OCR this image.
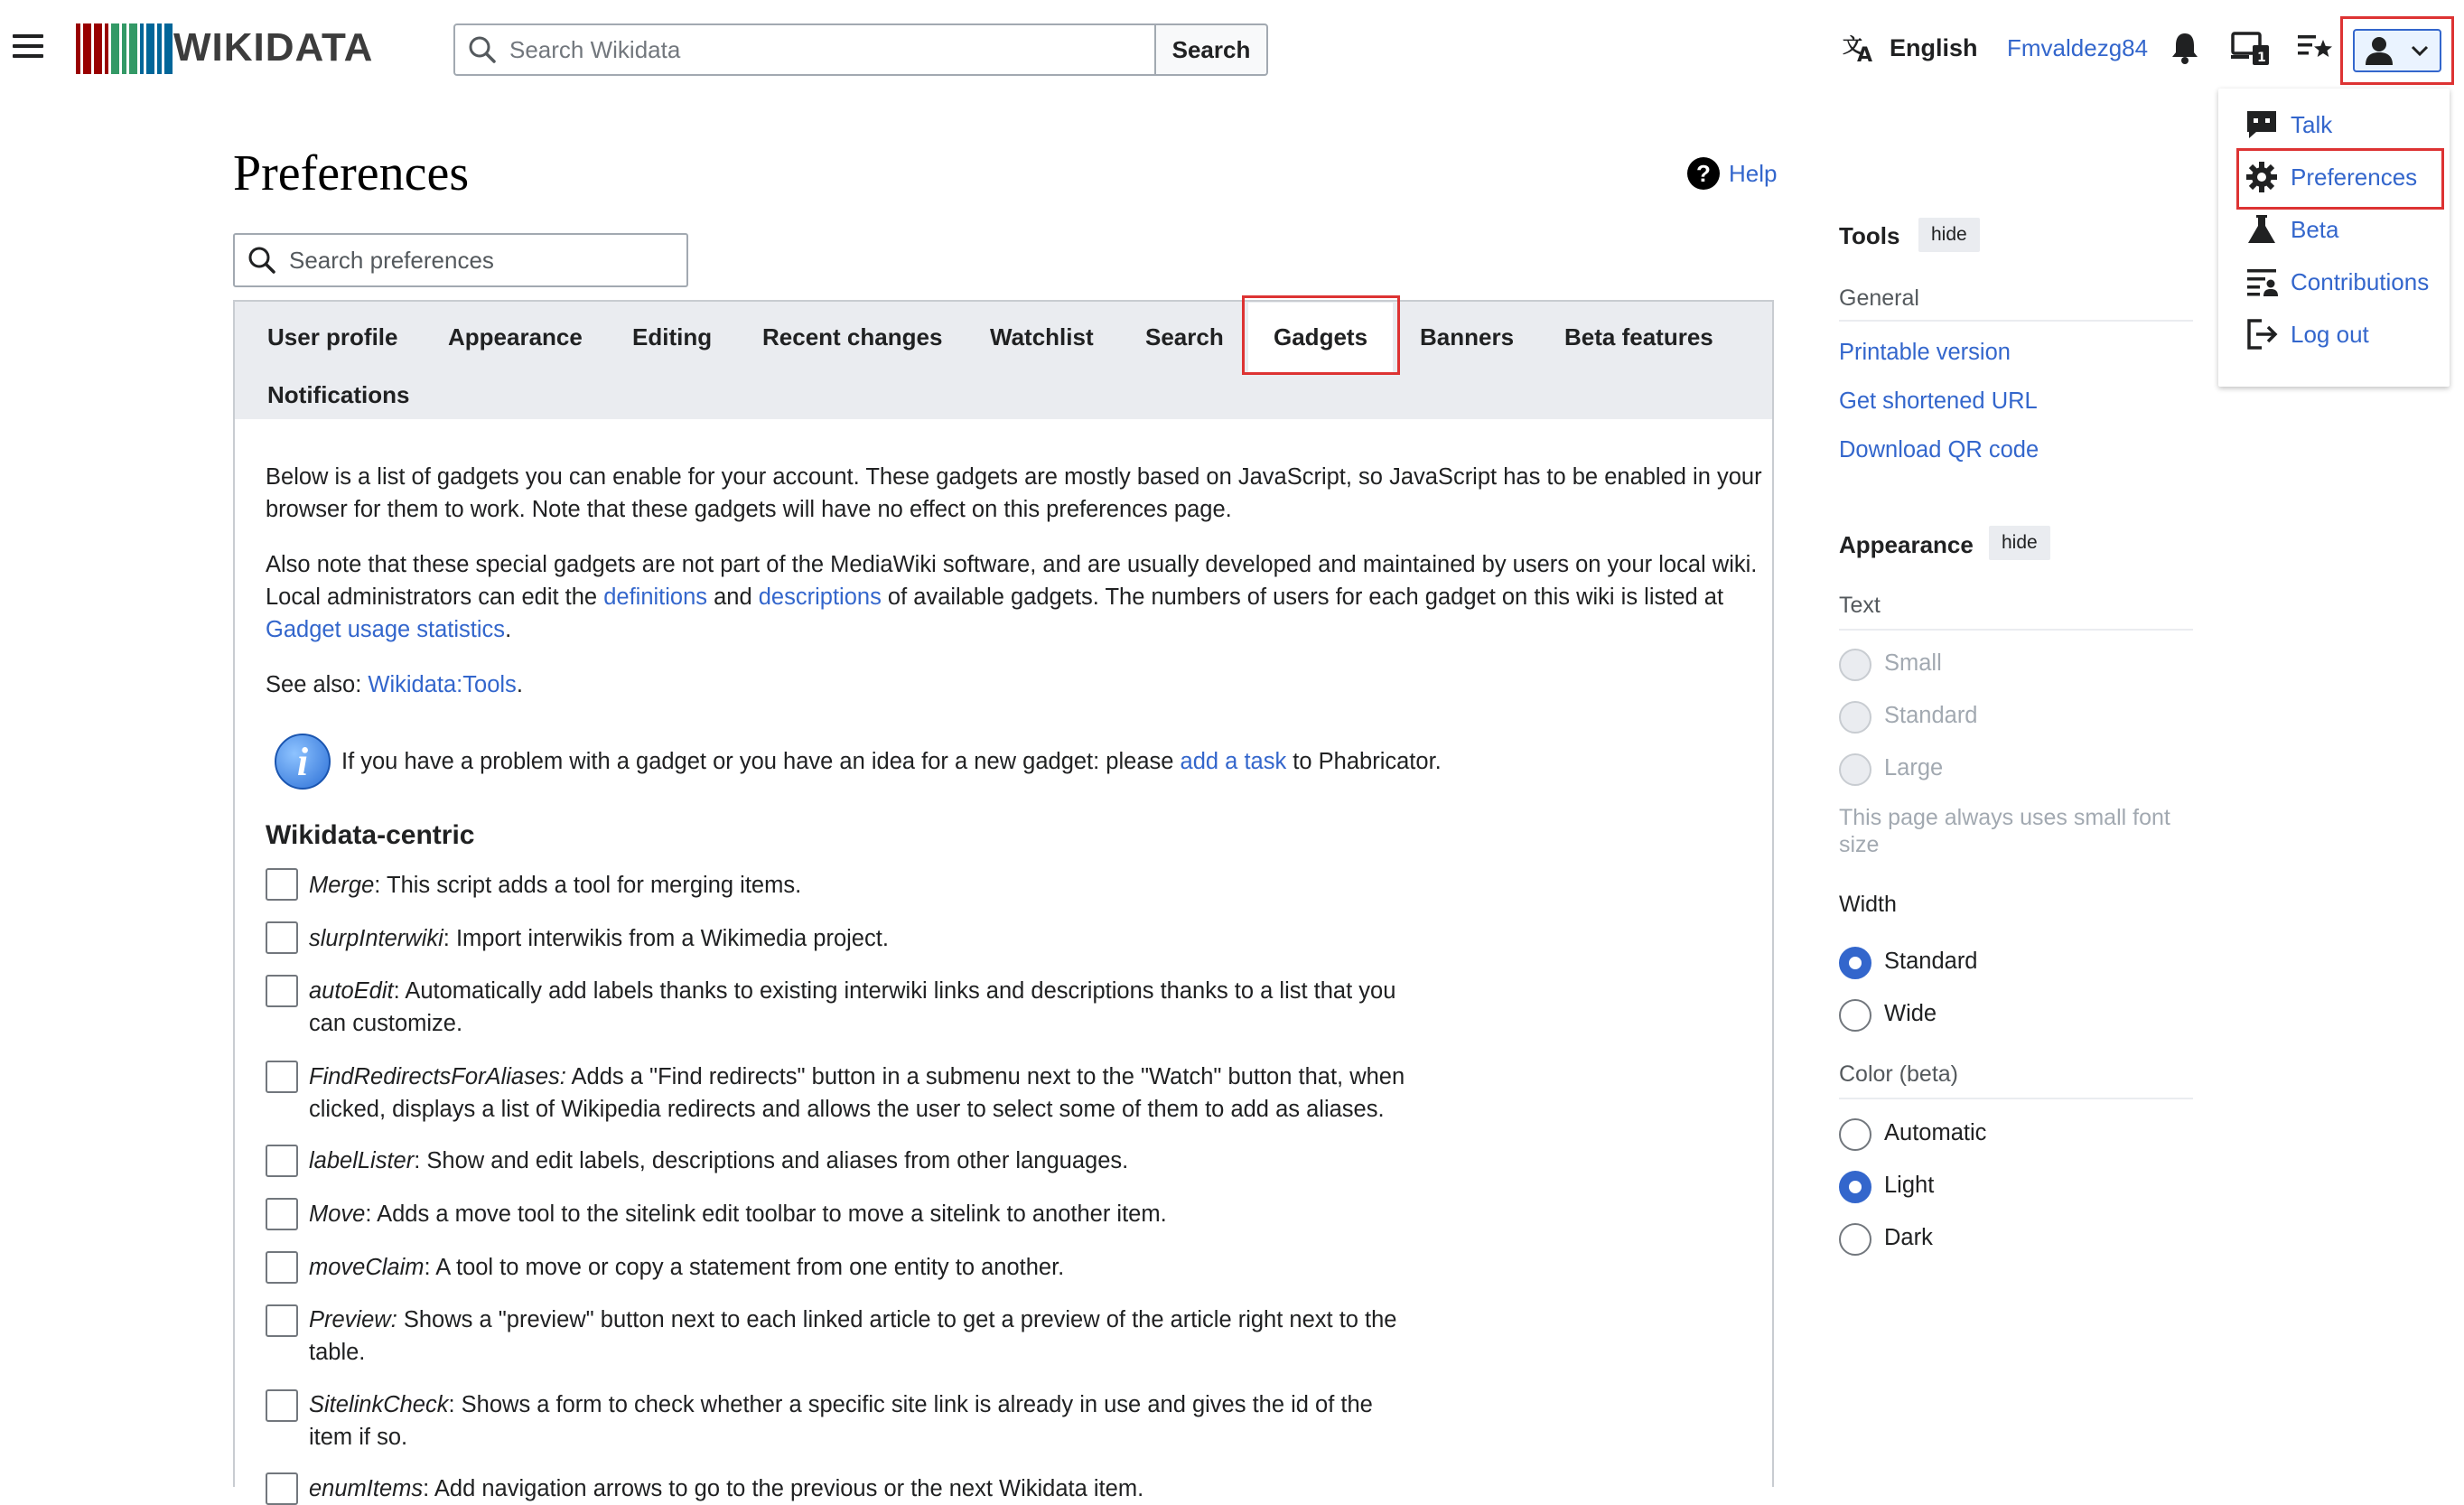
WIKIDATA
Search Wikidata	Search	文
A English Fmvaldezg84	1
Talk
Preferences
Beta
Contributions
Log out
Preferences	? Help
Search preferences
User profile Appearance Editing Recent changes Watchlist Search Gadgets Banners Beta features
Notifications
Below is a list of gadgets you can enable for your account. These gadgets are mostly based on JavaScript, so JavaScript has to be enabled in your browser for them to work. Note that these gadgets will have no effect on this preferences page.
Also note that these special gadgets are not part of the MediaWiki software, and are usually developed and maintained by users on your local wiki. Local administrators can edit the definitions and descriptions of available gadgets. The numbers of users for each gadget on this wiki is listed at Gadget usage statistics.
See also: Wikidata:Tools.
i	If you have a problem with a gadget or you have an idea for a new gadget: please add a task to Phabricator.
Wikidata-centric
Merge: This script adds a tool for merging items.
slurpInterwiki: Import interwikis from a Wikimedia project.
autoEdit: Automatically add labels thanks to existing interwiki links and descriptions thanks to a list that you can customize.
FindRedirectsForAliases: Adds a "Find redirects" button in a submenu next to the "Watch" button that, when clicked, displays a list of Wikipedia redirects and allows the user to select some of them to add as aliases.
labelLister: Show and edit labels, descriptions and aliases from other languages.
Move: Adds a move tool to the sitelink edit toolbar to move a sitelink to another item.
moveClaim: A tool to move or copy a statement from one entity to another.
Preview: Shows a "preview" button next to each linked article to get a preview of the article right next to the table.
SitelinkCheck: Shows a form to check whether a specific site link is already in use and gives the id of the item if so.
enumItems: Add navigation arrows to go to the previous or the next Wikidata item.
Tools	hide
General
Printable version
Get shortened URL
Download QR code
Appearance	hide
Text
Small
Standard
Large
This page always uses small font size
Width
Standard
Wide
Color (beta)
Automatic
Light
Dark
